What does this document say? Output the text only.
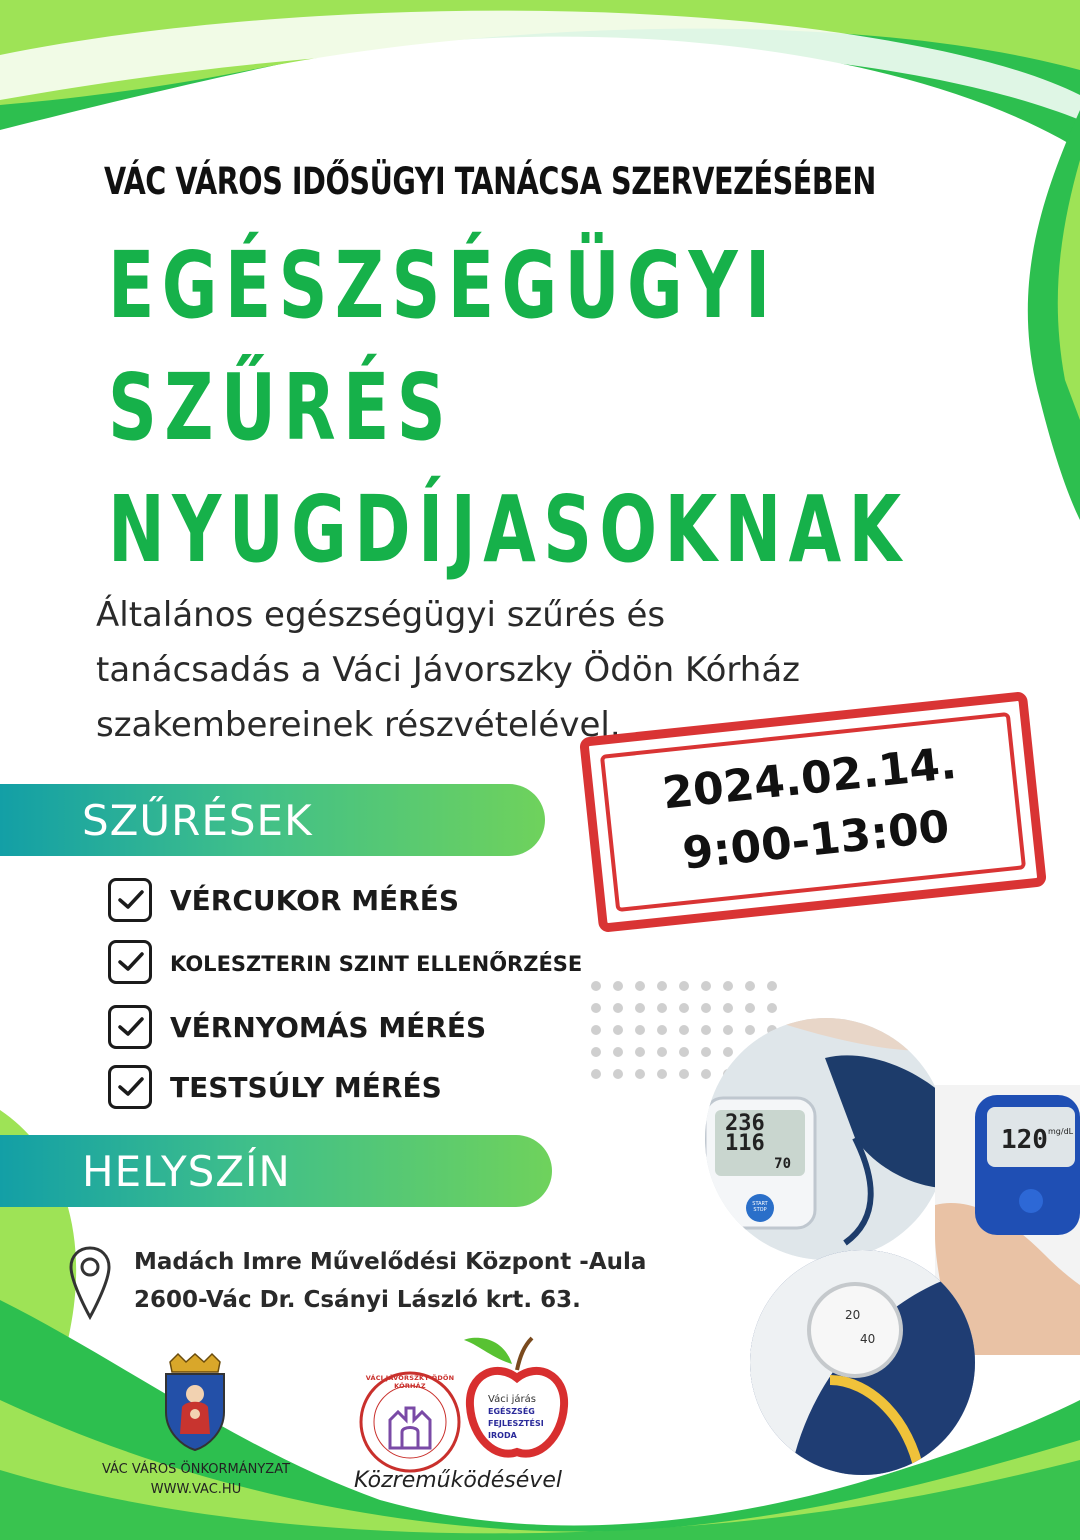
VÁC VÁROS IDŐSÜGYI TANÁCSA SZERVEZÉSÉBEN
EGÉSZSÉGÜGYI
SZŰRÉS
NYUGDÍJASOKNAK
Általános egészségügyi szűrés és
tanácsadás a Váci Jávorszky Ödön Kórház
szakembereinek részvételével.
SZŰRÉSEK
2024.02.14.
9:00-13:00
VÉRCUKOR MÉRÉS
KOLESZTERIN SZINT ELLENŐRZÉSE
VÉRNYOMÁS MÉRÉS
TESTSÚLY MÉRÉS
HELYSZÍN
Madách Imre Művelődési Központ -Aula
2600-Vác Dr. Csányi László krt. 63.
236
116
70
START STOP
120 mg/dL
20
40
VÁC VÁROS ÖNKORMÁNYZAT
WWW.VAC.HU
VÁCI JÁVORSZKY ÖDÖN KÓRHÁZ
Váci járás
EGÉSZSÉG
FEJLESZTÉSI
IRODA
Közreműködésével
